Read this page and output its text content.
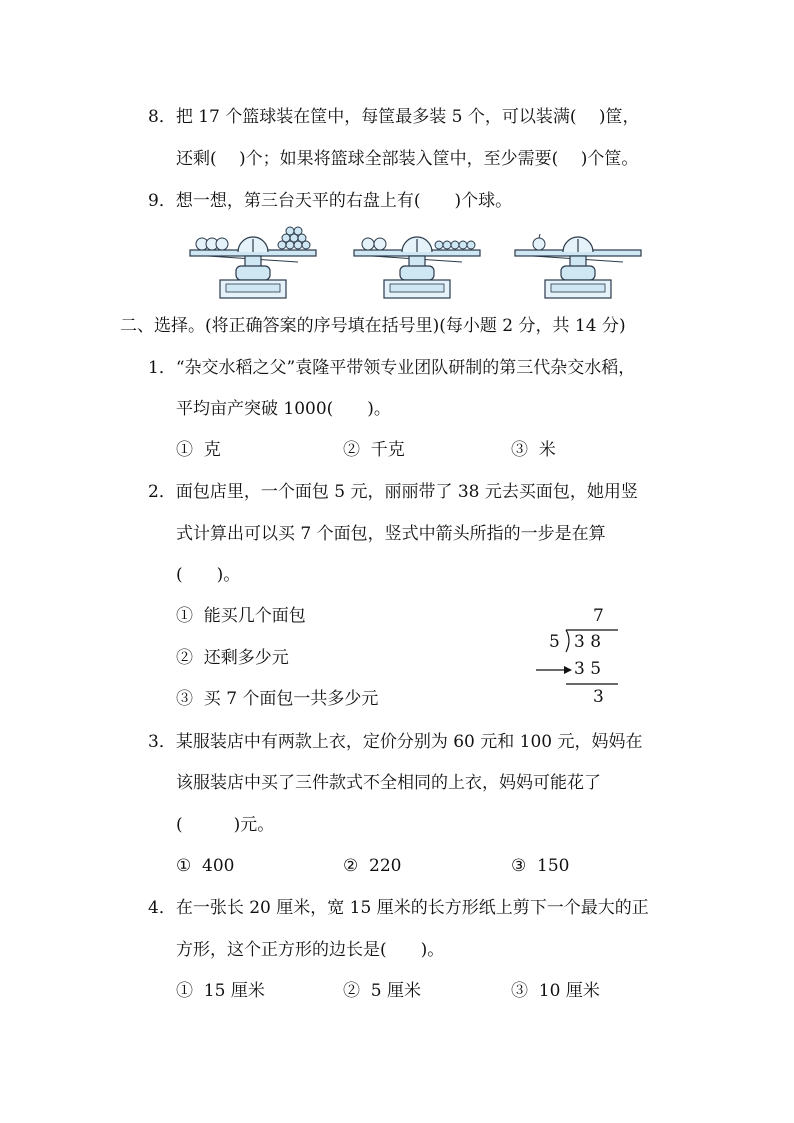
8．把 17 个篮球装在筐中，每筐最多装 5 个，可以装满(　 )筐，
还剩(　 )个；如果将篮球全部装入筐中，至少需要(　 )个筐。
9．想一想，第三台天平的右盘上有(　　)个球。
二、选择。(将正确答案的序号填在括号里)(每小题 2 分，共 14 分)
1．“杂交水稻之父”袁隆平带领专业团队研制的第三代杂交水稻，
平均亩产突破 1000(　　)。
①  克	②  千克	③  米
2．面包店里，一个面包 5 元，丽丽带了 38 元去买面包，她用竖
式计算出可以买 7 个面包，竖式中箭头所指的一步是在算
(　　)。
①  能买几个面包
②  还剩多少元
③  买 7 个面包一共多少元
7
5 3 8
3 5
3
3．某服装店中有两款上衣，定价分别为 60 元和 100 元，妈妈在
该服装店中买了三件款式不全相同的上衣，妈妈可能花了
(　　　)元。
①  400	②  220	③  150
4．在一张长 20 厘米，宽 15 厘米的长方形纸上剪下一个最大的正
方形，这个正方形的边长是(　　)。
①  15 厘米	②  5 厘米	③  10 厘米
